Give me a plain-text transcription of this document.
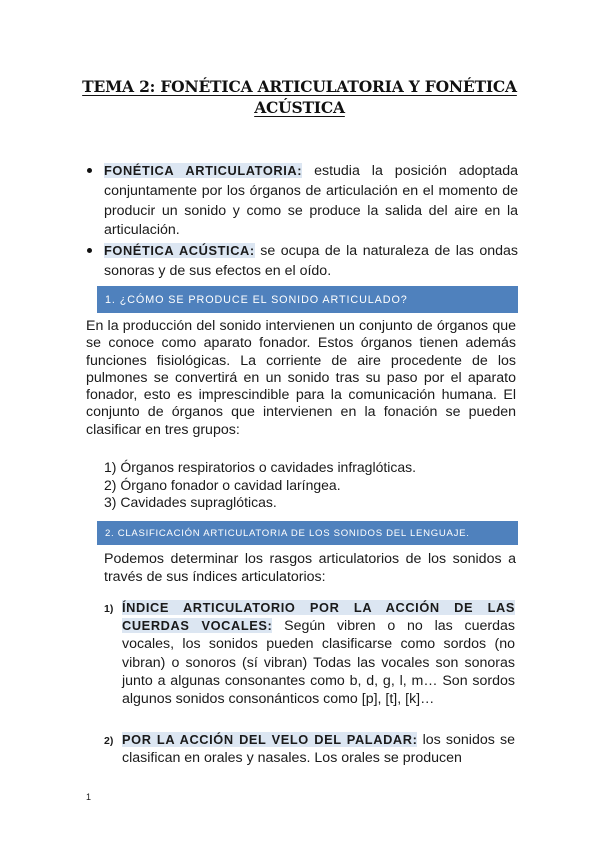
TEMA 2: FONÉTICA ARTICULATORIA Y FONÉTICA
ACÚSTICA
FONÉTICA ARTICULATORIA: estudia la posición adoptada conjuntamente por los órganos de articulación en el momento de producir un sonido y como se produce la salida del aire en la articulación.
FONÉTICA ACÚSTICA: se ocupa de la naturaleza de las ondas sonoras y de sus efectos en el oído.
1. ¿CÓMO SE PRODUCE EL SONIDO ARTICULADO?

En la producción del sonido intervienen un conjunto de órganos que se conoce como aparato fonador. Estos órganos tienen además funciones fisiológicas. La corriente de aire procedente de los pulmones se convertirá en un sonido tras su paso por el aparato fonador, esto es imprescindible para la comunicación humana. El conjunto de órganos que intervienen en la fonación se pueden clasificar en tres grupos:

1) Órganos respiratorios o cavidades infraglóticas.
2) Órgano fonador o cavidad laríngea.
3) Cavidades supraglóticas.
2. CLASIFICACIÓN ARTICULATORIA DE LOS SONIDOS DEL LENGUAJE.

Podemos determinar los rasgos articulatorios de los sonidos a través de sus índices articulatorios:

1) ÍNDICE ARTICULATORIO POR LA ACCIÓN DE LAS CUERDAS VOCALES: Según vibren o no las cuerdas vocales, los sonidos pueden clasificarse como sordos (no vibran) o sonoros (sí vibran) Todas las vocales son sonoras junto a algunas consonantes como b, d, g, l, m… Son sordos algunos sonidos consonánticos como [p], [t], [k]…
2) POR LA ACCIÓN DEL VELO DEL PALADAR: los sonidos se clasifican en orales y nasales. Los orales se producen
1
